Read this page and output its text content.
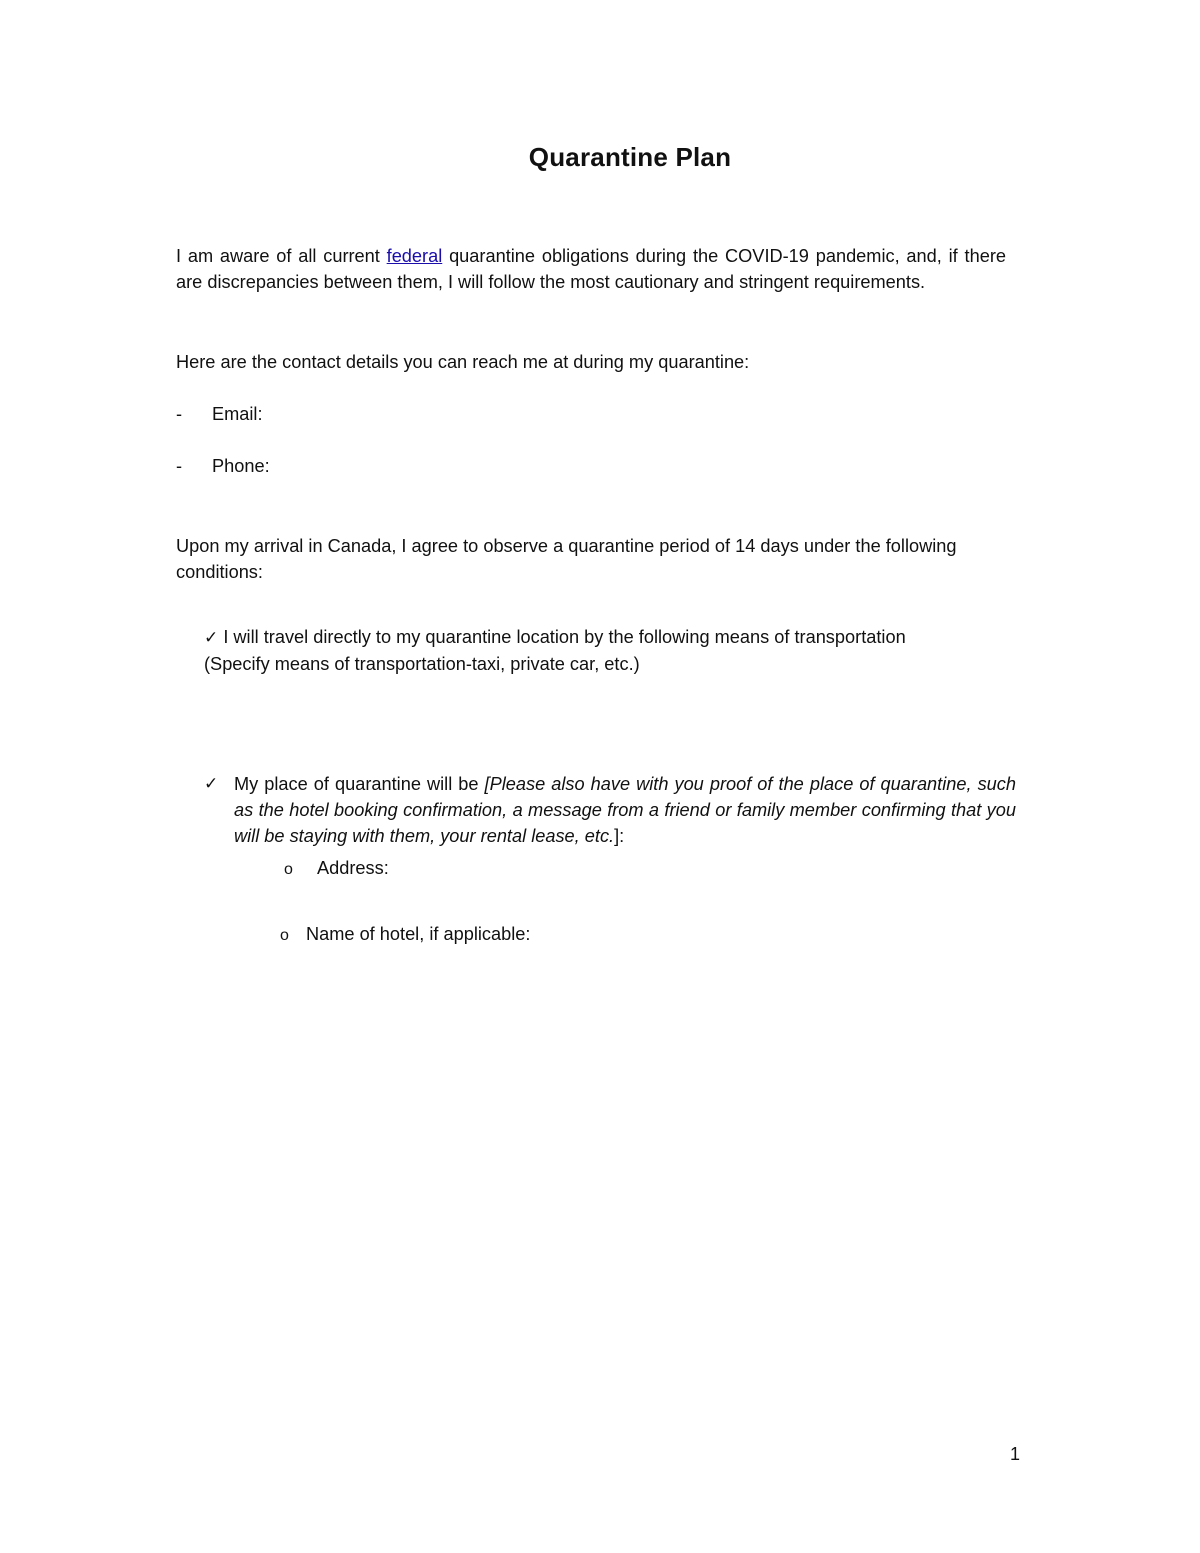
Quarantine Plan
I am aware of all current federal quarantine obligations during the COVID-19 pandemic, and, if there are discrepancies between them, I will follow the most cautionary and stringent requirements.
Here are the contact details you can reach me at during my quarantine:
- Email:
- Phone:
Upon my arrival in Canada, I agree to observe a quarantine period of 14 days under the following conditions:
✓ I will travel directly to my quarantine location by the following means of transportation
(Specify means of transportation-taxi, private car, etc.)
✓ My place of quarantine will be [Please also have with you proof of the place of quarantine, such as the hotel booking confirmation, a message from a friend or family member confirming that you will be staying with them, your rental lease, etc.]:
o Address:
o Name of hotel, if applicable:
1
